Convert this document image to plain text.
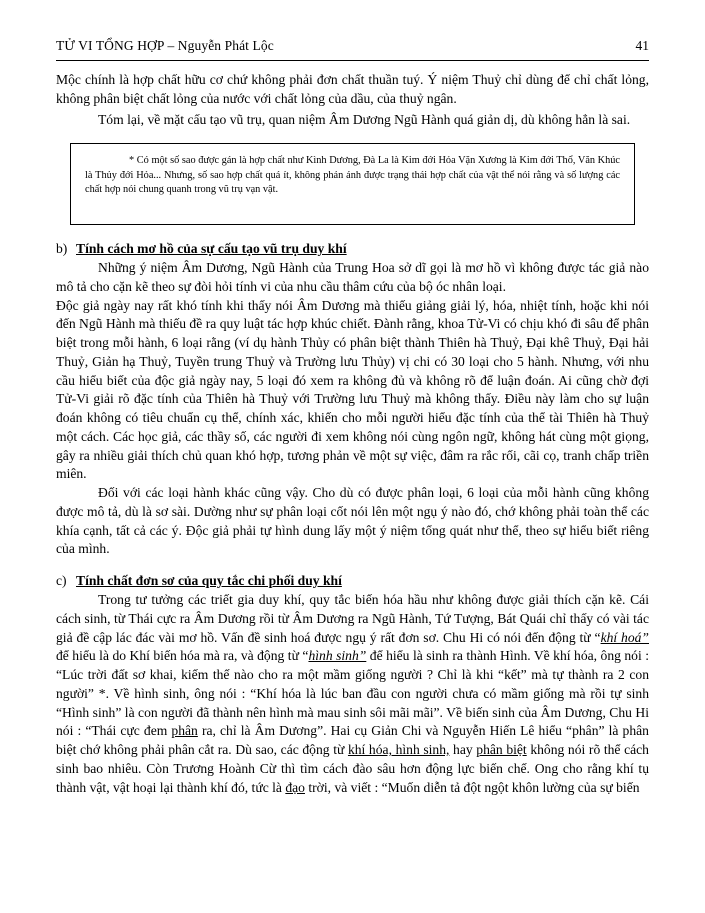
TỬ VI TỔNG HỢP – Nguyễn Phát Lộc	41

Mộc chính là hợp chất hữu cơ chứ không phải đơn chất thuần tuý. Ý niệm Thuỷ chỉ dùng để chỉ chất lỏng, không phân biệt chất lỏng của nước với chất lỏng của dầu, của thuỷ ngân.

Tóm lại, về mặt cấu tạo vũ trụ, quan niệm Âm Dương Ngũ Hành quá giản dị, dù không hẳn là sai.

* Có một số sao được gán là hợp chất như Kình Dương, Đà La là Kim đới Hỏa Vặn Xương là Kim đới Thổ, Văn Khúc là Thủy đới Hỏa... Nhưng, số sao hợp chất quá ít, không phản ánh được trạng thái hợp chất của vật thể nói rằng và số lượng các chất hợp nói chung quanh trong vũ trụ vạn vật.
b) Tính cách mơ hồ của sự cấu tạo vũ trụ duy khí

Những ý niệm Âm Dương, Ngũ Hành của Trung Hoa sở dĩ gọi là mơ hồ vì không được tác giả nào mô tả cho cặn kẽ theo sự đòi hỏi tính vi của nhu cầu thâm cứu của bộ óc nhân loại.

Độc giả ngày nay rất khó tính khi thấy nói Âm Dương mà thiếu giảng giải lý, hóa, nhiệt tính, hoặc khi nói đến Ngũ Hành mà thiếu đề ra quy luật tác hợp khúc chiết. Đành rằng, khoa Tử-Vi có chịu khó đi sâu để phân biệt trong mỗi hành, 6 loại rằng (ví dụ hành Thủy có phân biệt thành Thiên hà Thuỷ, Đại khê Thuỷ, Đại hải Thuỷ, Giản hạ Thuỷ, Tuyền trung Thuỷ và Trường lưu Thủy) vị chi có 30 loại cho 5 hành. Nhưng, với nhu cầu hiểu biết của độc giả ngày nay, 5 loại đó xem ra không đủ và không rõ để luận đoán. Ai cũng chờ đợi Tử-Vi giải rõ đặc tính của Thiên hà Thuỷ với Trường lưu Thuỷ mà không thấy. Điều này làm cho sự luận đoán không có tiêu chuẩn cụ thể, chính xác, khiến cho mỗi người hiểu đặc tính của thể tài Thiên hà Thuỷ một cách. Các học giả, các thầy số, các người đi xem không nói cùng ngôn ngữ, không hát cùng một giọng, gây ra nhiều giải thích chủ quan khó hợp, tương phản về một sự việc, đâm ra rắc rối, cãi cọ, tranh chấp triền miên.

Đối với các loại hành khác cũng vậy. Cho dù có được phân loại, 6 loại của mỗi hành cũng không được mô tả, dù là sơ sài. Dường như sự phân loại cốt nói lên một ngụ ý nào đó, chớ không phải toàn thể các khía cạnh, tất cả các ý. Độc giả phải tự hình dung lấy một ý niệm tổng quát như thể, theo sự hiểu biết riêng của mình.

c) Tính chất đơn sơ của quy tắc chi phối duy khí

Trong tư tưởng các triết gia duy khí, quy tắc biến hóa hầu như không được giải thích cặn kẽ. Cái cách sinh, từ Thái cực ra Âm Dương rồi từ Âm Dương ra Ngũ Hành, Tứ Tượng, Bát Quái chỉ thấy có vài tác giả đề cập lác đác vài mơ hồ. Vấn đề sinh hoá được ngụ ý rất đơn sơ. Chu Hi có nói đến động từ “khí hoá” để hiểu là do Khí biến hóa mà ra, và động từ “hình sinh” để hiểu là sinh ra thành Hình. Về khí hóa, ông nói : “Lúc trời đất sơ khai, kiếm thế nào cho ra một mầm giống người ? Chỉ là khi “kết” mà tự thành ra 2 con người” *. Về hình sinh, ông nói : “Khí hóa là lúc ban đầu con người chưa có mầm giống mà rồi tự sinh “Hình sinh” là con người đã thành nên hình mà mau sinh sôi mãi mãi”. Về biến sinh của Âm Dương, Chu Hi nói : “Thái cực đem phân ra, chỉ là Âm Dương”. Hai cụ Giản Chi và Nguyễn Hiến Lê hiểu “phân” là phân biệt chớ không phải phân cắt ra. Dù sao, các động từ khí hóa, hình sinh, hay phân biệt không nói rõ thể cách sinh bao nhiêu. Còn Trương Hoành Cừ thì tìm cách đào sâu hơn động lực biến chế. Ong cho rằng khí tụ thành vật, vật hoại lại thành khí đó, tức là đạo trời, và viết : “Muốn diễn tả đột ngột khôn lường của sự biến
